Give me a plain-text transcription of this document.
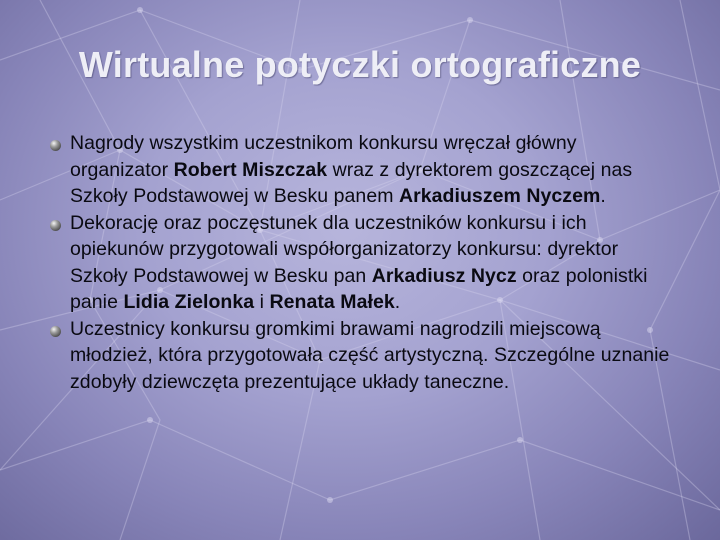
Wirtualne potyczki ortograficzne

Nagrody wszystkim uczestnikom konkursu wręczał główny organizator Robert Miszczak wraz z dyrektorem goszczącej nas Szkoły Podstawowej w Besku panem Arkadiuszem Nyczem.

Dekorację oraz poczęstunek dla uczestników konkursu i ich opiekunów przygotowali współorganizatorzy konkursu: dyrektor Szkoły Podstawowej w Besku pan Arkadiusz Nycz oraz polonistki panie Lidia Zielonka i Renata Małek.

Uczestnicy konkursu gromkimi brawami nagrodzili miejscową młodzież, która przygotowała część artystyczną. Szczególne uznanie zdobyły dziewczęta prezentujące układy taneczne.
